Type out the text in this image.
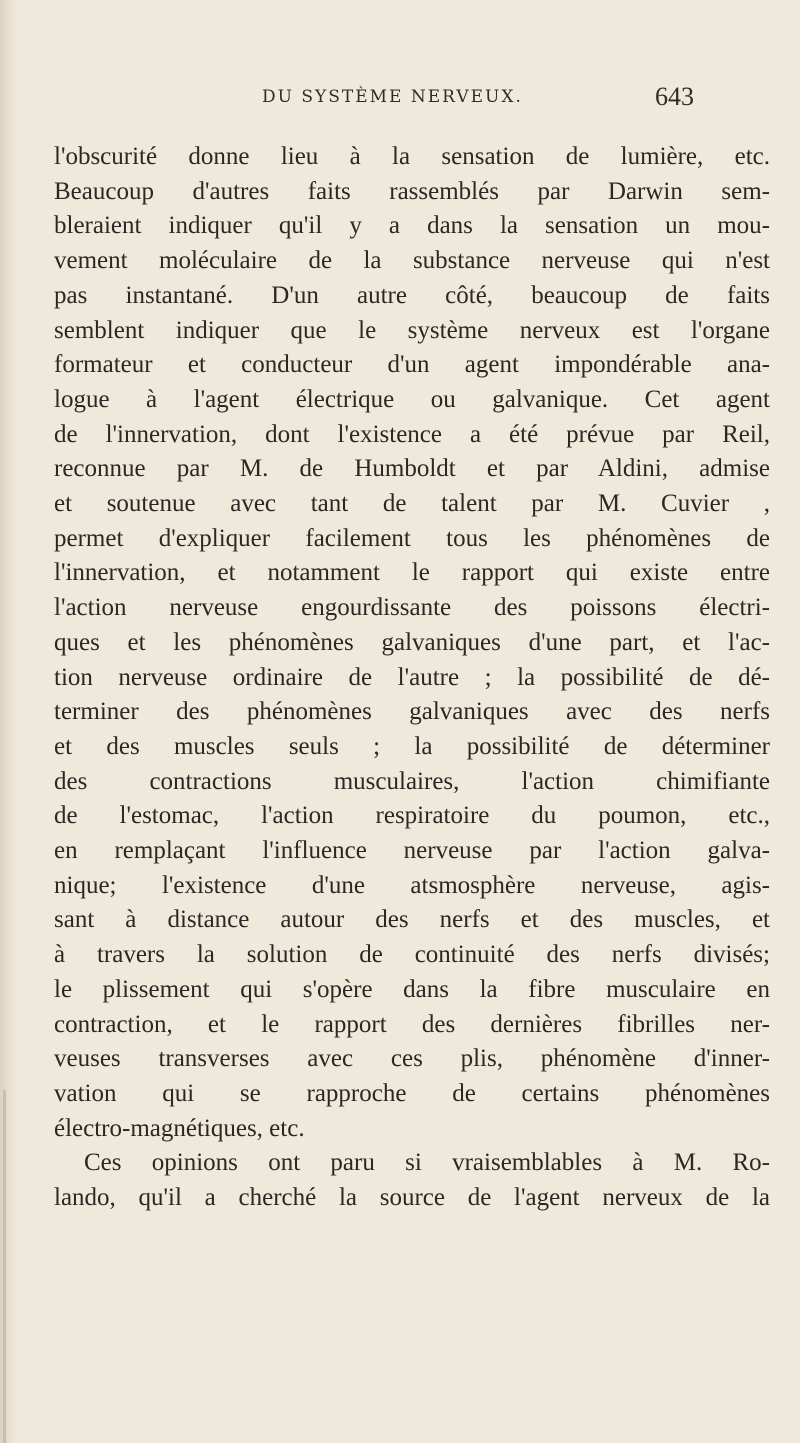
DU SYSTÈME NERVEUX.	643
l'obscurité donne lieu à la sensation de lumière, etc.
Beaucoup d'autres faits rassemblés par Darwin sem-
bleraient indiquer qu'il y a dans la sensation un mou-
vement moléculaire de la substance nerveuse qui n'est
pas instantané. D'un autre côté, beaucoup de faits
semblent indiquer que le système nerveux est l'organe
formateur et conducteur d'un agent impondérable ana-
logue à l'agent électrique ou galvanique. Cet agent
de l'innervation, dont l'existence a été prévue par Reil,
reconnue par M. de Humboldt et par Aldini, admise
et soutenue avec tant de talent par M. Cuvier ,
permet d'expliquer facilement tous les phénomènes de
l'innervation, et notamment le rapport qui existe entre
l'action nerveuse engourdissante des poissons électri-
ques et les phénomènes galvaniques d'une part, et l'ac-
tion nerveuse ordinaire de l'autre ; la possibilité de dé-
terminer des phénomènes galvaniques avec des nerfs
et des muscles seuls ; la possibilité de déterminer
des contractions musculaires, l'action chimifiante
de l'estomac, l'action respiratoire du poumon, etc.,
en remplaçant l'influence nerveuse par l'action galva-
nique; l'existence d'une atsmosphère nerveuse, agis-
sant à distance autour des nerfs et des muscles, et
à travers la solution de continuité des nerfs divisés;
le plissement qui s'opère dans la fibre musculaire en
contraction, et le rapport des dernières fibrilles ner-
veuses transverses avec ces plis, phénomène d'inner-
vation qui se rapproche de certains phénomènes
électro-magnétiques, etc.
Ces opinions ont paru si vraisemblables à M. Ro-
lando, qu'il a cherché la source de l'agent nerveux de la
